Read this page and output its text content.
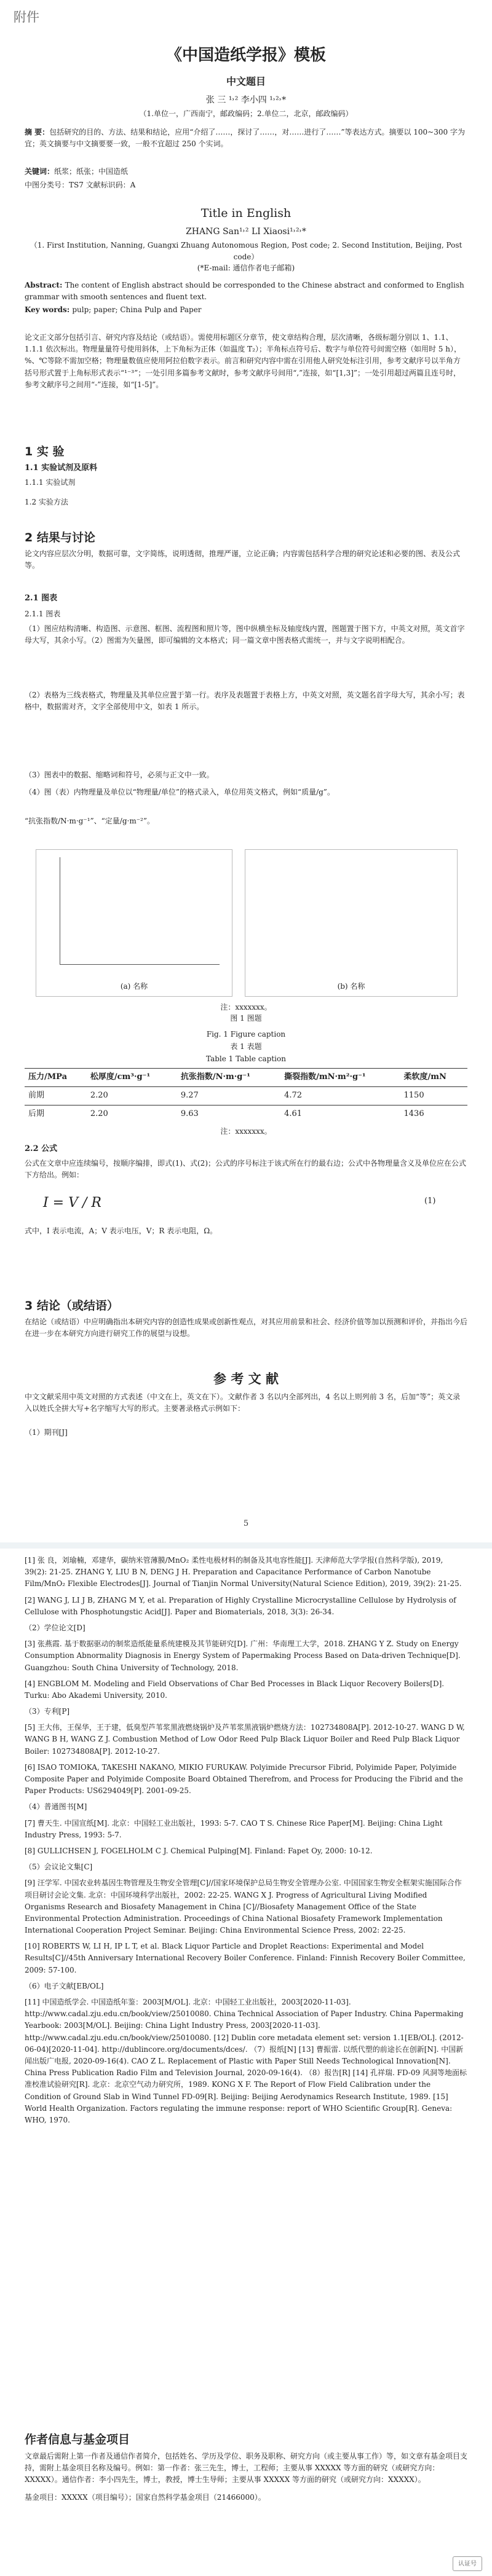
附件
《中国造纸学报》模板
中文题目
张 三 ¹˒² 李小四 ¹˒²˒*
（1.单位一，广西南宁，邮政编码；2.单位二，北京，邮政编码）
摘 要：包括研究的目的、方法、结果和结论，应用“介绍了……，探讨了……，对……进行了……”等表达方式。摘要以 100~300 字为宜；英文摘要与中文摘要要一致，一般不宜超过 250 个实词。
关键词：纸浆；纸张；中国造纸
中图分类号：TS7 文献标识码：A
Title in English
ZHANG San¹˒² LI Xiaosi¹˒²˒*
（1. First Institution, Nanning, Guangxi Zhuang Autonomous Region, Post code; 2. Second Institution, Beijing, Post code）
(*E-mail: 通信作者电子邮箱)
Abstract: The content of English abstract should be corresponded to the Chinese abstract and conformed to English grammar with smooth sentences and fluent text.
Key words: pulp; paper; China Pulp and Paper
论文正文部分包括引言、研究内容及结论（或结语）。需使用标题区分章节，使文章结构合理，层次清晰，各级标题分别以 1、1.1、1.1.1 依次标出。物理量量符号使用斜体，上下角标为正体（如温度 T₂）；半角标点符号后、数字与单位符号间需空格（如用时 5 h），%、℃等除不需加空格；物理量数值应使用阿拉伯数字表示。前言和研究内容中需在引用他人研究处标注引用，参考文献序号以半角方括号形式置于上角标形式表示“¹⁻³”；一处引用多篇参考文献时，参考文献序号间用“,”连接，如“[1,3]”；一处引用超过两篇且连号时，参考文献序号之间用“-”连接，如“[1-5]”。
1 实 验
1.1 实验试剂及原料
1.1.1 实验试剂
1.2 实验方法
2 结果与讨论
论文内容应层次分明，数据可靠，文字简练，说明透彻，推理严谨，立论正确；内容需包括科学合理的研究论述和必要的图、表及公式等。
2.1 图表
2.1.1 图表
（1）图应结构清晰、构造图、示意图、框图、流程图和照片等，图中纵横坐标及轴度线内置，图题置于图下方，中英文对照，英文首字母大写，其余小写。（2）图需为矢量图，即可编辑的文本格式；同一篇文章中图表格式需统一，并与文字说明相配合。
（2）表格为三线表格式，物理量及其单位应置于第一行。表序及表题置于表格上方，中英文对照，英文题名首字母大写，其余小写；表格中，数据需对齐，文字全部使用中文，如表 1 所示。
（3）图表中的数据、缩略词和符号，必须与正文中一致。
（4）图（表）内物理量及单位以“物理量/单位”的格式录入，单位用英文格式，例如“质量/g”。
“抗张指数/N·m·g⁻¹”、“定量/g·m⁻²”。
(a) 名称	(b) 名称
注：xxxxxxx。
图 1 图题
Fig. 1 Figure caption
表 1 表题
Table 1 Table caption
压力/MPa	松厚度/cm³·g⁻¹	抗张指数/N·m·g⁻¹	撕裂指数/mN·m²·g⁻¹	柔软度/mN
前期	2.20	9.27	4.72	1150
后期	2.20	9.63	4.61	1436
注：xxxxxxx。
2.2 公式
公式在文章中应连续编号，按顺序编排，即式(1)、式(2)；公式的序号标注于该式所在行的最右边；公式中各物理量含义及单位应在公式下方给出。例如：
I = V / R	(1)
式中，I 表示电流，A；V 表示电压，V；R 表示电阻，Ω。
3 结论（或结语）
在结论（或结语）中应明确指出本研究内容的创造性成果或创新性观点，对其应用前景和社会、经济价值等加以预测和评价，并指出今后在进一步在本研究方向进行研究工作的展望与设想。
参 考 文 献
中文文献采用中英文对照的方式表述（中文在上，英文在下）。文献作者 3 名以内全部列出，4 名以上则列前 3 名，后加“等”；英文录入以姓氏全拼大写+名字缩写大写的形式。主要著录格式示例如下：
（1）期刊[J]
5
[1] 张 良，刘瑜楠，邓建华，碳纳米管薄膜/MnO₂ 柔性电极材料的制备及其电容性能[J]. 天津师范大学学报(自然科学版), 2019, 39(2): 21-25. ZHANG Y, LIU B N, DENG J H. Preparation and Capacitance Performance of Carbon Nanotube Film/MnO₂ Flexible Electrodes[J]. Journal of Tianjin Normal University(Natural Science Edition), 2019, 39(2): 21-25.
[2] WANG J, LI J B, ZHANG M Y, et al. Preparation of Highly Crystalline Microcrystalline Cellulose by Hydrolysis of Cellulose with Phosphotungstic Acid[J]. Paper and Biomaterials, 2018, 3(3): 26-34.
（2）学位论文[D]
[3] 张燕霞. 基于数据驱动的制浆造纸能量系统建模及其节能研究[D]. 广州：华南理工大学，2018. ZHANG Y Z. Study on Energy Consumption Abnormality Diagnosis in Energy System of Papermaking Process Based on Data-driven Technique[D]. Guangzhou: South China University of Technology, 2018.
[4] ENGBLOM M. Modeling and Field Observations of Char Bed Processes in Black Liquor Recovery Boilers[D]. Turku: Abo Akademi University, 2010.
（3）专利[P]
[5] 王大伟，王保华，王于建，低臭型芦苇浆黑液燃烧锅炉及芦苇浆黑液锅炉燃烧方法：102734808A[P]. 2012-10-27. WANG D W, WANG B H, WANG Z J. Combustion Method of Low Odor Reed Pulp Black Liquor Boiler and Reed Pulp Black Liquor Boiler: 102734808A[P]. 2012-10-27.
[6] ISAO TOMIOKA, TAKESHI NAKANO, MIKIO FURUKAW. Polyimide Precursor Fibrid, Polyimide Paper, Polyimide Composite Paper and Polyimide Composite Board Obtained Therefrom, and Process for Producing the Fibrid and the Paper Products: US6294049[P]. 2001-09-25.
（4）普通图书[M]
[7] 曹天生. 中国宣纸[M]. 北京：中国轻工业出版社，1993: 5-7. CAO T S. Chinese Rice Paper[M]. Beijing: China Light Industry Press, 1993: 5-7.
[8] GULLICHSEN J, FOGELHOLM C J. Chemical Pulping[M]. Finland: Fapet Oy, 2000: 10-12.
（5）会议论文集[C]
[9] 汪学军. 中国农业转基因生物管理及生物安全管理[C]//国家环境保护总局生物安全管理办公室. 中国国家生物安全框架实施国际合作项目研讨会论文集. 北京：中国环境科学出版社，2002: 22-25. WANG X J. Progress of Agricultural Living Modified Organisms Research and Biosafety Management in China [C]//Biosafety Management Office of the State Environmental Protection Administration. Proceedings of China National Biosafety Framework Implementation International Cooperation Project Seminar. Beijing: China Environmental Science Press, 2002: 22-25.
[10] ROBERTS W, LI H, IP L T, et al. Black Liquor Particle and Droplet Reactions: Experimental and Model Results[C]//45th Anniversary International Recovery Boiler Conference. Finland: Finnish Recovery Boiler Committee, 2009: 57-100.
（6）电子文献[EB/OL]
[11] 中国造纸学会. 中国造纸年鉴：2003[M/OL]. 北京：中国轻工业出版社，2003[2020-11-03]. http://www.cadal.zju.edu.cn/book/view/25010080. China Technical Association of Paper Industry. China Papermaking Yearbook: 2003[M/OL]. Beijing: China Light Industry Press, 2003[2020-11-03]. http://www.cadal.zju.edu.cn/book/view/25010080. [12] Dublin core metadata element set: version 1.1[EB/OL]. (2012-06-04)[2020-11-04]. http://dublincore.org/documents/dces/. （7）报纸[N] [13] 曹振雷. 以纸代塑的前途长在创新[N]. 中国新闻出版广电报, 2020-09-16(4). CAO Z L. Replacement of Plastic with Paper Still Needs Technological Innovation[N]. China Press Publication Radio Film and Television Journal, 2020-09-16(4). （8）报告[R] [14] 孔祥瑞. FD-09 风洞等地面标准校准试验研究[R]. 北京：北京空气动力研究所，1989. KONG X F. The Report of Flow Field Calibration under the Condition of Ground Slab in Wind Tunnel FD-09[R]. Beijing: Beijing Aerodynamics Research Institute, 1989. [15] World Health Organization. Factors regulating the immune response: report of WHO Scientific Group[R]. Geneva: WHO, 1970.
作者信息与基金项目
文章最后需附上第一作者及通信作者简介，包括姓名、学历及学位、职务及职称、研究方向（或主要从事工作）等，如文章有基金项目支持，需附上基金项目名称及编号。例如：第一作者：张三先生，博士，工程师；主要从事 XXXXX 等方面的研究（或研究方向：XXXXX）。通信作者：李小四先生，博士，教授，博士生导师；主要从事 XXXXX 等方面的研究（或研究方向：XXXXX）。
基金项目：XXXXX（项目编号）；国家自然科学基金项目（21466000）。
认证号
